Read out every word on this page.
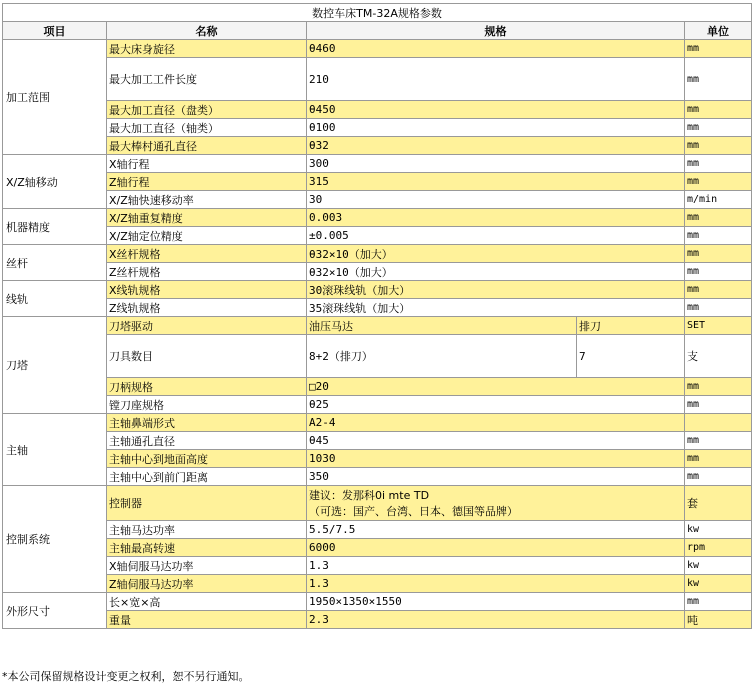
数控车床TM-32A规格参数				
项目	名称	规格		单位
加工范围	最大床身旋径	θ460		mm
	最大加工工件长度	210		mm
	最大加工直径（盘类）	θ450		mm
	最大加工直径（轴类）	θ100		mm
	最大棒村通孔直径	θ32		mm
X/Z轴移动	X轴行程	300		mm
	Z轴行程	315		mm
	X/Z轴快速移动率	30		m/min
机器精度	X/Z轴重复精度	0.003		mm
	X/Z轴定位精度	±0.005		mm
丝杆	X丝杆规格	θ32×10（加大）		mm
	Z丝杆规格	θ32×10（加大）		mm
线轨	X线轨规格	30滚珠线轨（加大）		mm
	Z线轨规格	35滚珠线轨（加大）		mm
刀塔	刀塔驱动	油压马达	排刀	SET
	刀具数目	8+2（排刀）	7	支
	刀柄规格	□20		mm
	镗刀座规格	θ25		mm
主轴	主轴鼻端形式	A2-4		
	主轴通孔直径	θ45		mm
	主轴中心到地面高度	1030		mm
	主轴中心到前门距离	350		mm
控制系统	控制器	建议：发那科0i mte TD
（可选：国产、台湾、日本、德国等品牌）		套
	主轴马达功率	5.5/7.5		kw
	主轴最高转速	6000		rpm
	X轴伺服马达功率	1.3		kw
	Z轴伺服马达功率	1.3		kw
外形尺寸	长×宽×高	1950×1350×1550		mm
	重量	2.3		吨
*本公司保留规格设计变更之权利，恕不另行通知。
